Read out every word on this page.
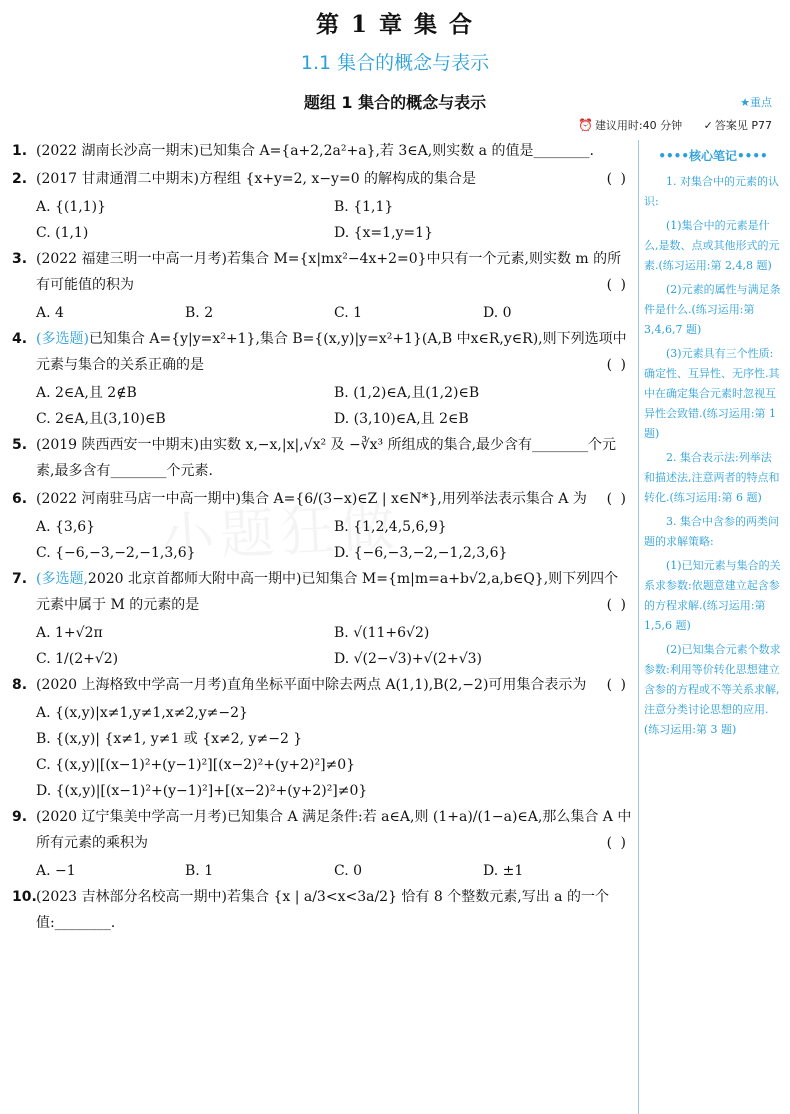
第 1 章 集 合
1.1 集合的概念与表示
题组 1 集合的概念与表示	★重点
⏰ 建议用时:40 分钟 ✓ 答案见 P77
1. (2022 湖南长沙高一期末)已知集合 A={a+2,2a²+a},若 3∈A,则实数 a 的值是________.
2. (2017 甘肃通渭二中期末)方程组 {x+y=2, x−y=0 的解构成的集合是	( )
A. {(1,1)}	B. {1,1}
C. (1,1)	D. {x=1,y=1}
3. (2022 福建三明一中高一月考)若集合 M={x|mx²−4x+2=0}中只有一个元素,则实数 m 的所有可能值的积为	( )
A. 4	B. 2	C. 1	D. 0
4. (多选题)已知集合 A={y|y=x²+1},集合 B={(x,y)|y=x²+1}(A,B 中x∈R,y∈R),则下列选项中元素与集合的关系正确的是	( )
A. 2∈A,且 2∉B	B. (1,2)∈A,且(1,2)∈B
C. 2∈A,且(3,10)∈B	D. (3,10)∈A,且 2∈B
5. (2019 陕西西安一中期末)由实数 x,−x,|x|,√x² 及 −∛x³ 所组成的集合,最少含有________个元素,最多含有________个元素.
6. (2022 河南驻马店一中高一期中)集合 A={6/(3−x)∈Z | x∈N*},用列举法表示集合 A 为 ( )
A. {3,6}	B. {1,2,4,5,6,9}
C. {−6,−3,−2,−1,3,6}	D. {−6,−3,−2,−1,2,3,6}
7. (多选题,2020 北京首都师大附中高一期中)已知集合 M={m|m=a+b√2,a,b∈Q},则下列四个元素中属于 M 的元素的是	( )
A. 1+√2π	B. √(11+6√2)
C. 1/(2+√2)	D. √(2−√3)+√(2+√3)
8. (2020 上海格致中学高一月考)直角坐标平面中除去两点 A(1,1),B(2,−2)可用集合表示为 ( )
A. {(x,y)|x≠1,y≠1,x≠2,y≠−2}
B. {(x,y)| {x≠1, y≠1 或 {x≠2, y≠−2 }
C. {(x,y)|[(x−1)²+(y−1)²][(x−2)²+(y+2)²]≠0}
D. {(x,y)|[(x−1)²+(y−1)²]+[(x−2)²+(y+2)²]≠0}
9. (2020 辽宁集美中学高一月考)已知集合 A 满足条件:若 a∈A,则 (1+a)/(1−a)∈A,那么集合 A 中所有元素的乘积为	( )
A. −1	B. 1	C. 0	D. ±1
10. (2023 吉林部分名校高一期中)若集合 {x | a/3<x<3a/2} 恰有 8 个整数元素,写出 a 的一个值:________.
••••核心笔记••••

1. 对集合中的元素的认识:

(1)集合中的元素是什么,是数、点或其他形式的元素.(练习运用:第 2,4,8 题)

(2)元素的属性与满足条件是什么.(练习运用:第 3,4,6,7 题)

(3)元素具有三个性质:确定性、互异性、无序性.其中在确定集合元素时忽视互异性会致错.(练习运用:第 1 题)

2. 集合表示法:列举法和描述法,注意两者的特点和转化.(练习运用:第 6 题)

3. 集合中含参的两类问题的求解策略:

(1)已知元素与集合的关系求参数:依题意建立起含参的方程求解.(练习运用:第 1,5,6 题)

(2)已知集合元素个数求参数:利用等价转化思想建立含参的方程或不等关系求解,注意分类讨论思想的应用.(练习运用:第 3 题)
